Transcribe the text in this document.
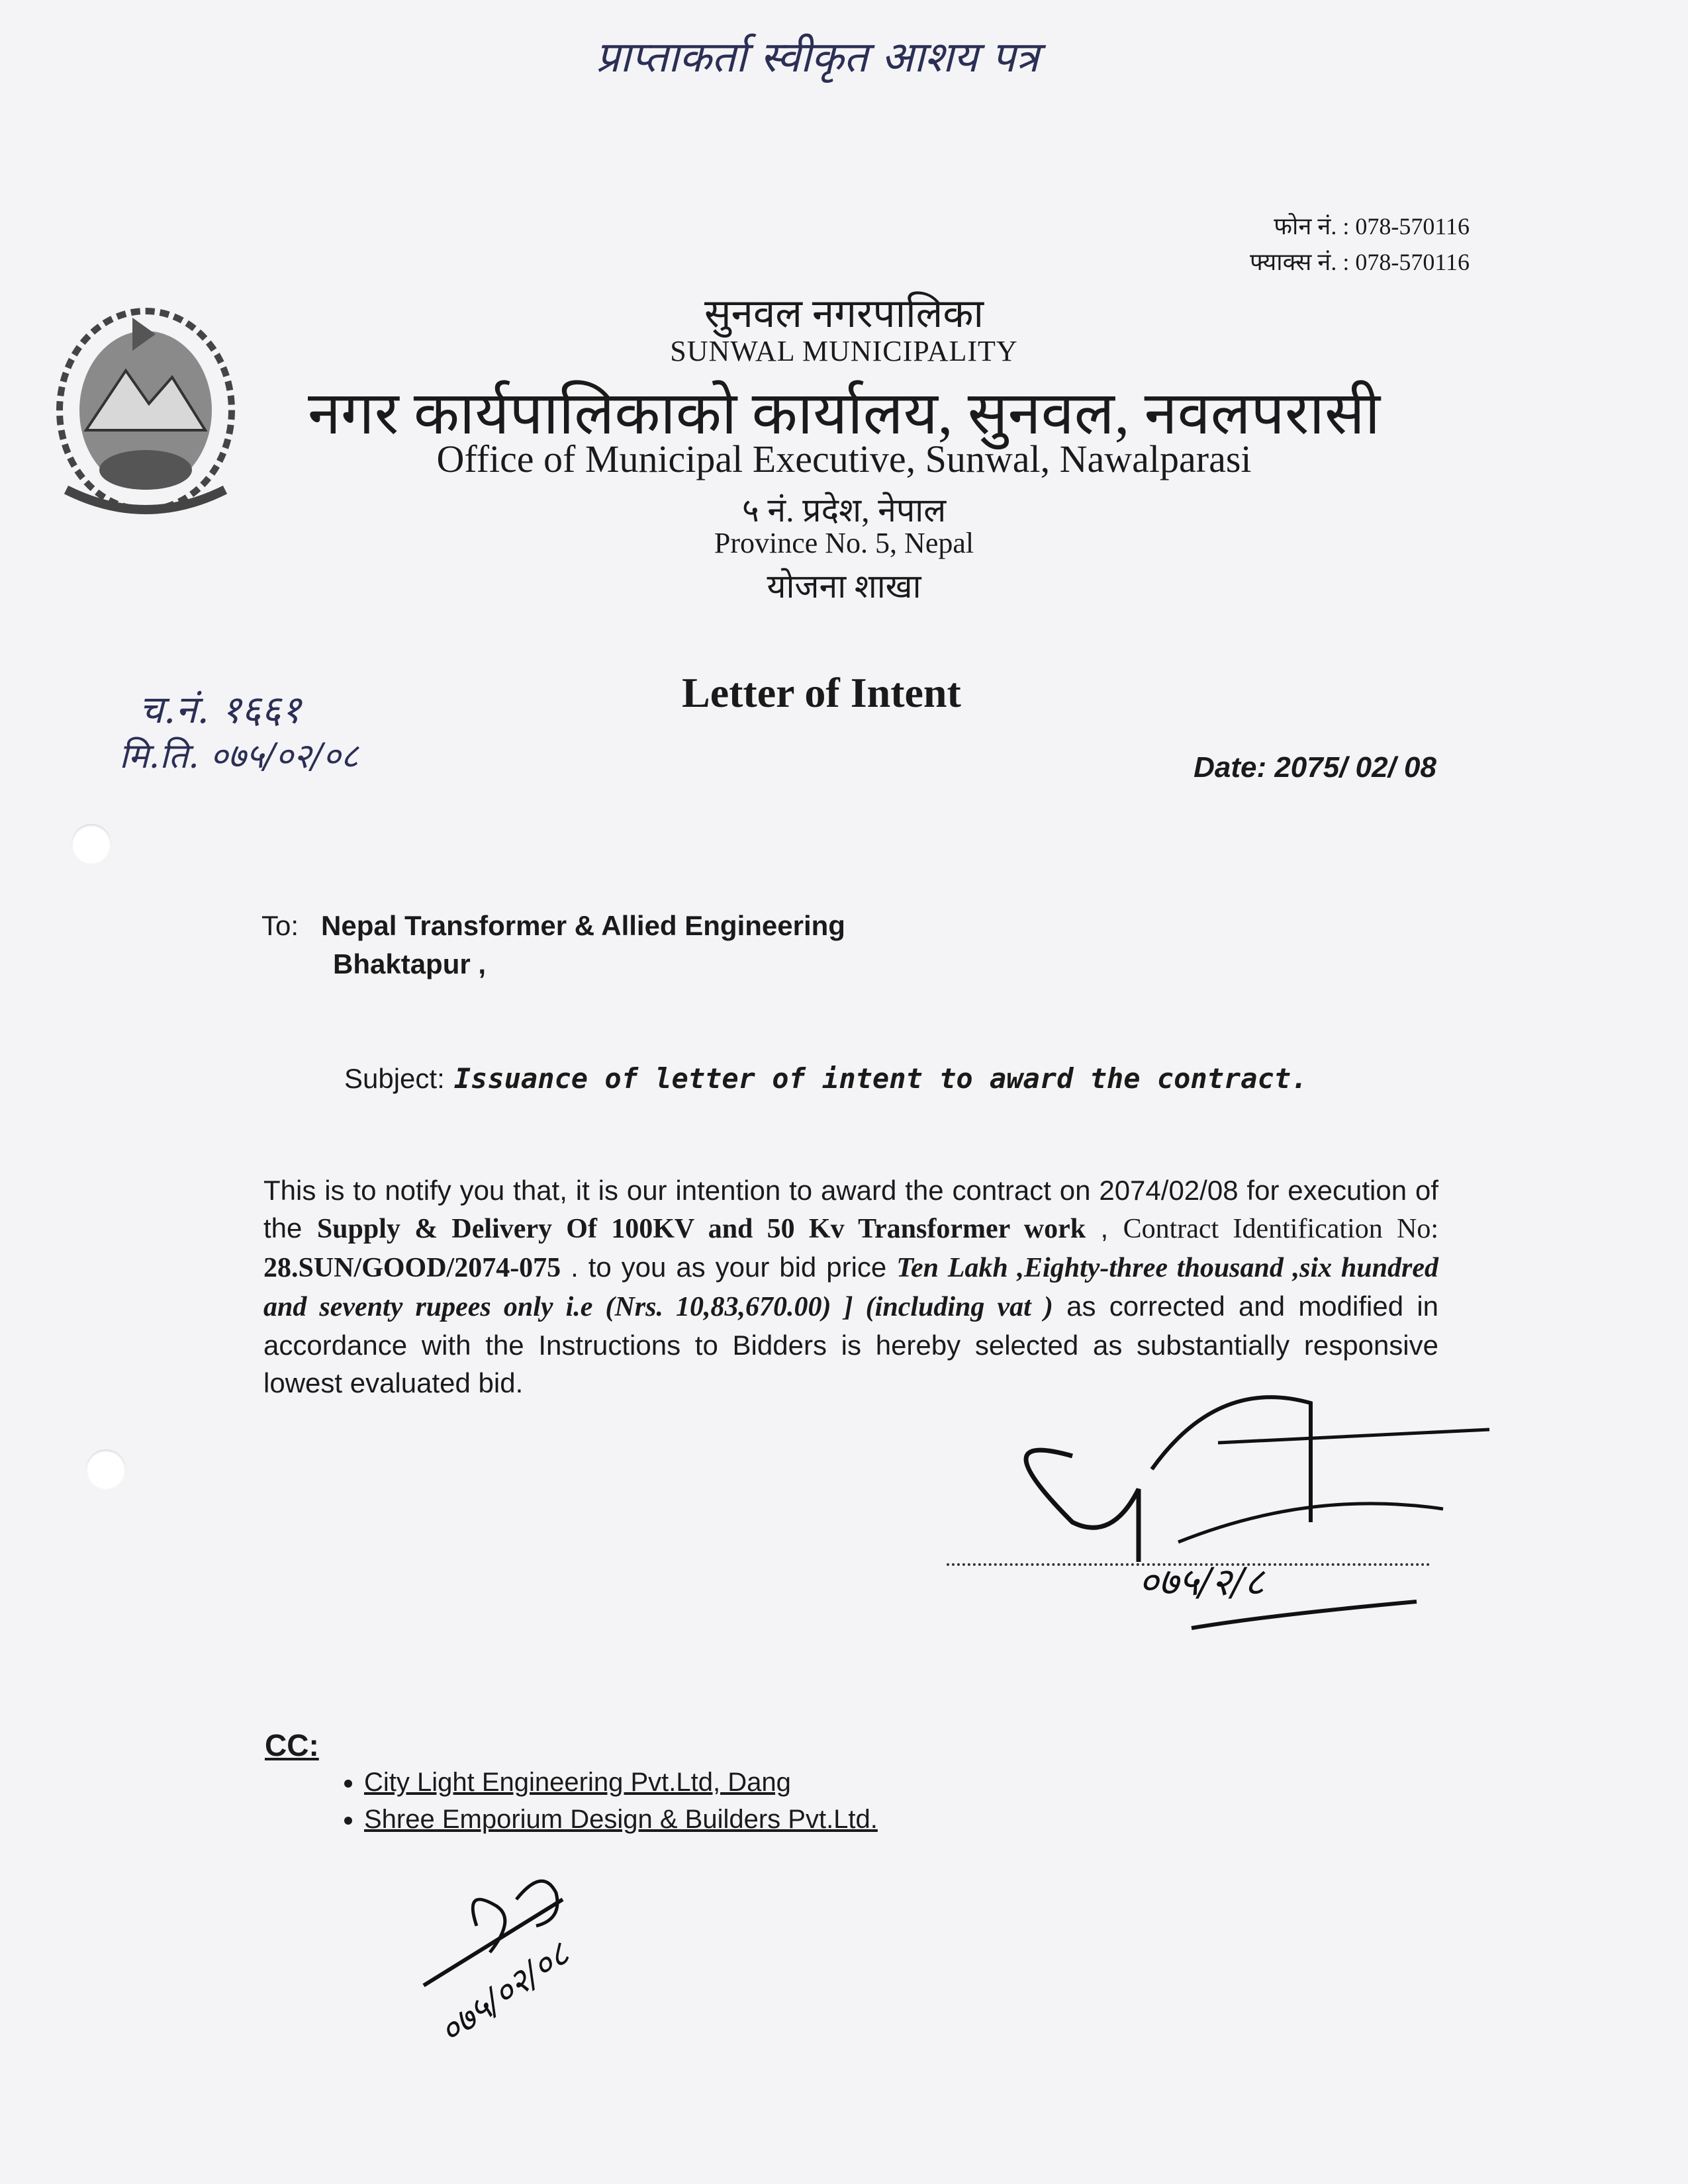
प्राप्ताकर्ता स्वीकृत आशय पत्र
फोन नं. : 078-570116
फ्याक्स नं. : 078-570116
सुनवल नगरपालिका
SUNWAL MUNICIPALITY
नगर कार्यपालिकाको कार्यालय, सुनवल, नवलपरासी
Office of Municipal Executive, Sunwal, Nawalparasi
५ नं. प्रदेश, नेपाल
Province No. 5, Nepal
योजना शाखा
च.नं. १६६१
मि.ति. ०७५/०२/०८
Letter of Intent
Date: 2075/ 02/ 08
To: Nepal Transformer & Allied Engineering
Bhaktapur ,
Subject: Issuance of letter of intent to award the contract.
This is to notify you that, it is our intention to award the contract on 2074/02/08 for execution of the Supply & Delivery Of 100KV and 50 Kv Transformer work , Contract Identification No: 28.SUN/GOOD/2074-075 . to you as your bid price Ten Lakh ,Eighty-three thousand ,six hundred and seventy rupees only i.e (Nrs. 10,83,670.00) ] (including vat ) as corrected and modified in accordance with the Instructions to Bidders is hereby selected as substantially responsive lowest evaluated bid.
०७५/२/८
CC:
• City Light Engineering Pvt.Ltd, Dang
• Shree Emporium Design & Builders Pvt.Ltd.
०७५/०२/०८
